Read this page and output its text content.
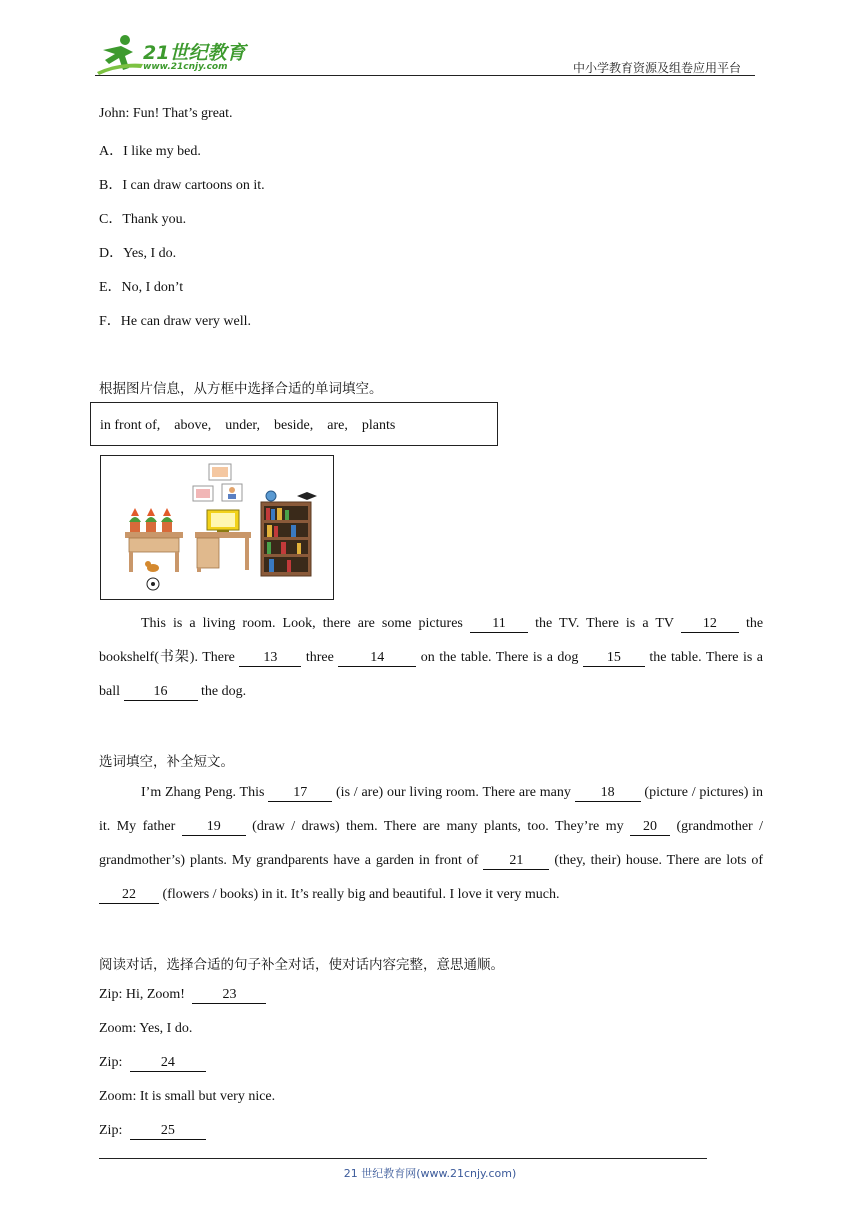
21世纪教育
www.21cnjy.com	中小学教育资源及组卷应用平台
John: Fun! That’s great.
A．I like my bed.
B．I can draw cartoons on it.
C．Thank you.
D．Yes, I do.
E．No, I don’t
F．He can draw very well.
根据图片信息，从方框中选择合适的单词填空。
in front of,    above,    under,    beside,    are,    plants
This is a living room. Look, there are some pictures 11 the TV. There is a TV 12 the bookshelf(书架). There 13 three	14	on the table. There is a dog 15 the table. There is a ball 16 the dog.
选词填空，补全短文。
I’m Zhang Peng. This 17 (is / are) our living room. There are many 18 (picture / pictures) in it. My father 19 (draw / draws) them. There are many plants, too. They’re my 20 (grandmother / grandmother’s) plants. My grandparents have a garden in front of 21 (they, their) house. There are lots of 22 (flowers / books) in it. It’s really big and beautiful. I love it very much.
阅读对话，选择合适的句子补全对话，使对话内容完整，意思通顺。
Zip: Hi, Zoom!	23
Zoom: Yes, I do.
Zip:	24
Zoom: It is small but very nice.
Zip:	25
21 世纪教育网(www.21cnjy.com)
